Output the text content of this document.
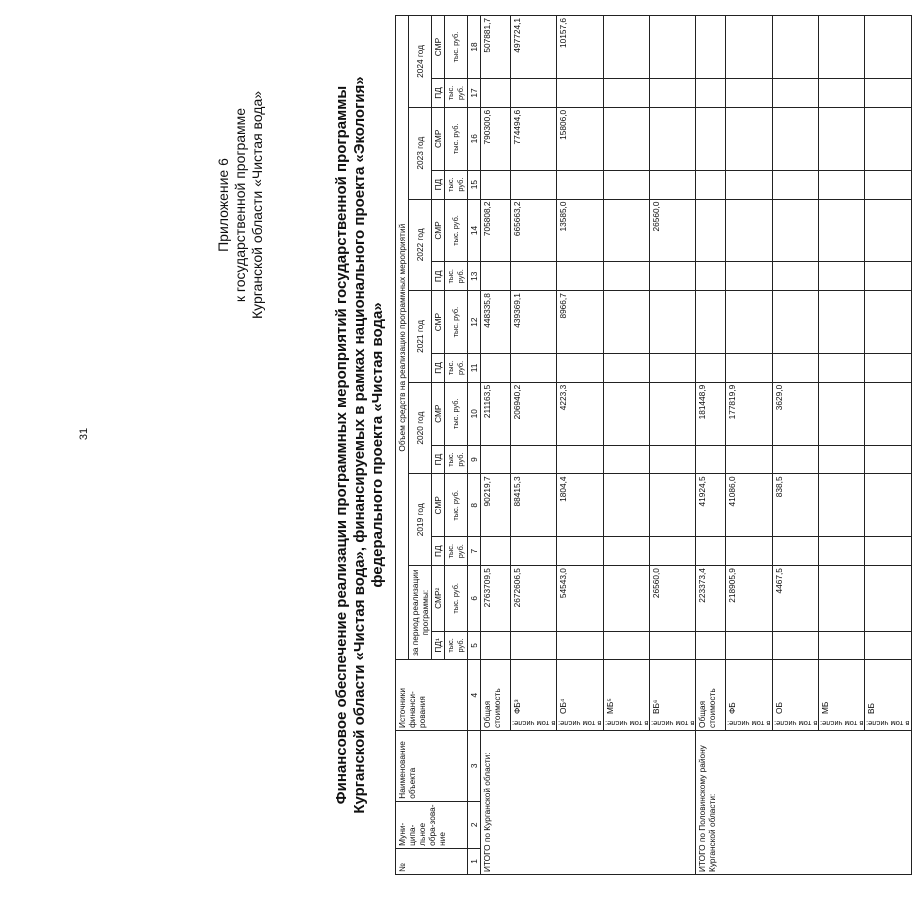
31
Приложение 6 к государственной программе Курганской области «Чистая вода»	Финансовое обеспечение реализации программных мероприятий государственной программы Курганской области «Чистая вода», финансируемых в рамках национального проекта «Экология» федерального проекта «Чистая вода»
№	Муни-ципа-льное обра-зова-ние	Наименование объекта	Источники финанси-рования	Объем средств на реализацию программных мероприятий													
				за период реализации программы:		2019 год		2020 год		2021 год		2022 год		2023 год		2024 год	
				ПД¹	СМР²	ПД	СМР	ПД	СМР	ПД	СМР	ПД	СМР	ПД	СМР	ПД	СМР
				тыс. руб.	тыс. руб.	тыс. руб.	тыс. руб.	тыс. руб.	тыс. руб.	тыс. руб.	тыс. руб.	тыс. руб.	тыс. руб.	тыс. руб.	тыс. руб.	тыс. руб.	тыс. руб.
1	2	3	4	5	6	7	8	9	10	11	12	13	14	15	16	17	18
ИТОГО по Курганской области:			Общая стоимость		2763709,5		90219,7		211163,5		448335,8		705808,2		790300,6		507881,7

			в том числе:
ФБ³		2672606,5		88415,3		206940,2		439369,1		665663,2		774494,6		497724,1

			в том числе:
ОБ⁴		54543,0		1804,4		4223,3		8966,7		13585,0		15806,0		10157,6

			в том числе:
МБ⁵														

			в том числе:
ВБ⁶		26560,0								26560,0				
ИТОГО по Половинскому району Курганской области:			Общая стоимость		223373,4		41924,5		181448,9								

			в том числе:
ФБ		218905,9		41086,0		177819,9								

			в том числе:
ОБ		4467,5		838,5		3629,0								

			в том числе:
МБ														

			в том числе:
ВБ														
